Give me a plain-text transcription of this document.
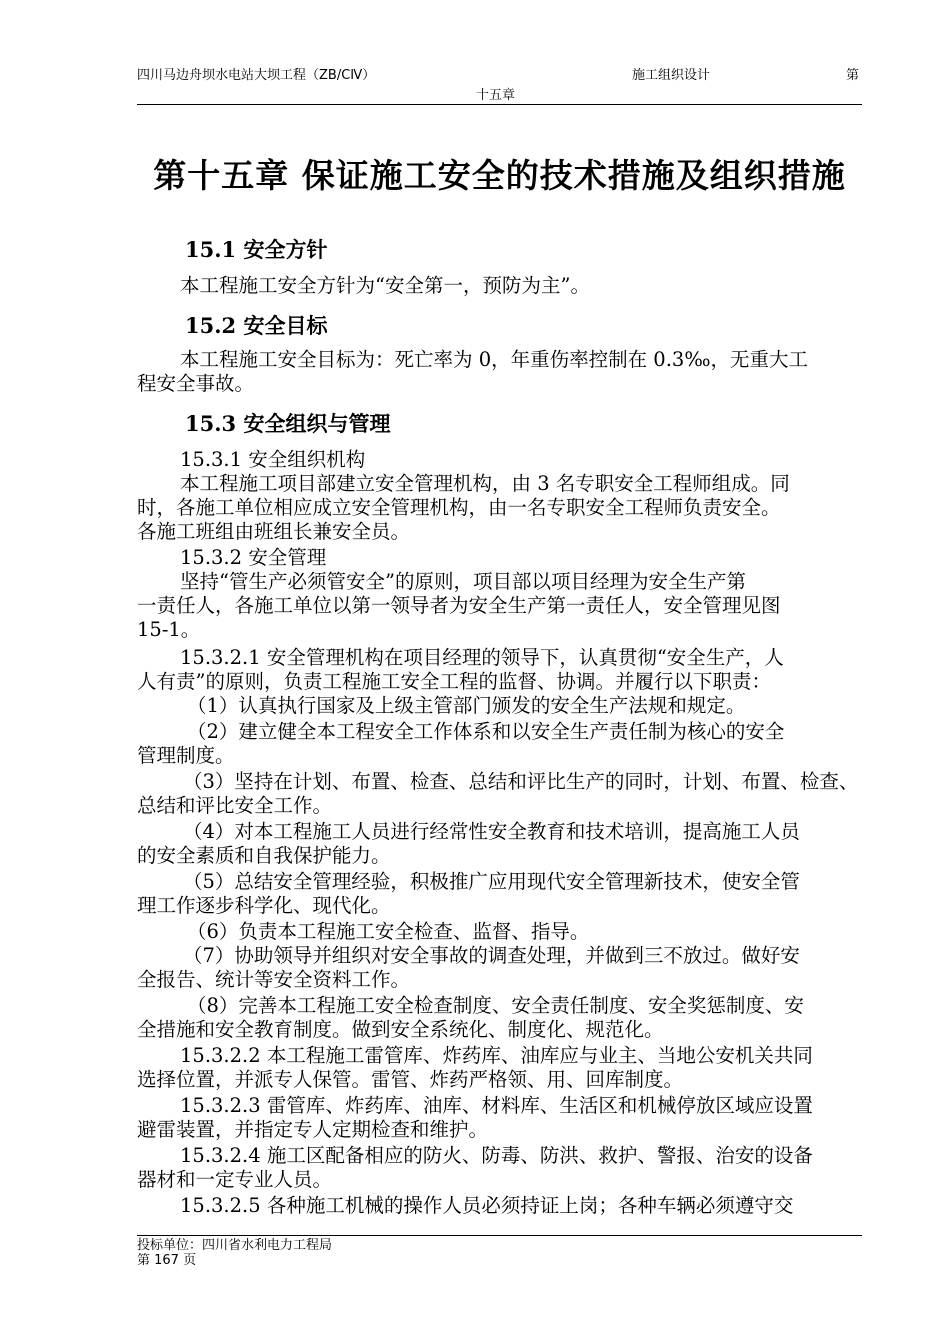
四川马边舟坝水电站大坝工程（ZB/CⅣ）	施工组织设计	第
十五章
第十五章 保证施工安全的技术措施及组织措施
15.1 安全方针
本工程施工安全方针为“安全第一，预防为主”。
15.2 安全目标
本工程施工安全目标为：死亡率为 0，年重伤率控制在 0.3‰，无重大工
程安全事故。
15.3 安全组织与管理
15.3.1 安全组织机构
本工程施工项目部建立安全管理机构，由 3 名专职安全工程师组成。同
时，各施工单位相应成立安全管理机构，由一名专职安全工程师负责安全。
各施工班组由班组长兼安全员。
15.3.2 安全管理
坚持“管生产必须管安全”的原则，项目部以项目经理为安全生产第
一责任人，各施工单位以第一领导者为安全生产第一责任人，安全管理见图
15-1。
15.3.2.1 安全管理机构在项目经理的领导下，认真贯彻“安全生产，人
人有责”的原则，负责工程施工安全工程的监督、协调。并履行以下职责：
（1）认真执行国家及上级主管部门颁发的安全生产法规和规定。
（2）建立健全本工程安全工作体系和以安全生产责任制为核心的安全
管理制度。
（3）坚持在计划、布置、检查、总结和评比生产的同时，计划、布置、检查、
总结和评比安全工作。
（4）对本工程施工人员进行经常性安全教育和技术培训，提高施工人员
的安全素质和自我保护能力。
（5）总结安全管理经验，积极推广应用现代安全管理新技术，使安全管
理工作逐步科学化、现代化。
（6）负责本工程施工安全检查、监督、指导。
（7）协助领导并组织对安全事故的调查处理，并做到三不放过。做好安
全报告、统计等安全资料工作。
（8）完善本工程施工安全检查制度、安全责任制度、安全奖惩制度、安
全措施和安全教育制度。做到安全系统化、制度化、规范化。
15.3.2.2 本工程施工雷管库、炸药库、油库应与业主、当地公安机关共同
选择位置，并派专人保管。雷管、炸药严格领、用、回库制度。
15.3.2.3 雷管库、炸药库、油库、材料库、生活区和机械停放区域应设置
避雷装置，并指定专人定期检查和维护。
15.3.2.4 施工区配备相应的防火、防毒、防洪、救护、警报、治安的设备
器材和一定专业人员。
15.3.2.5 各种施工机械的操作人员必须持证上岗；各种车辆必须遵守交
投标单位：四川省水利电力工程局
第 167 页
